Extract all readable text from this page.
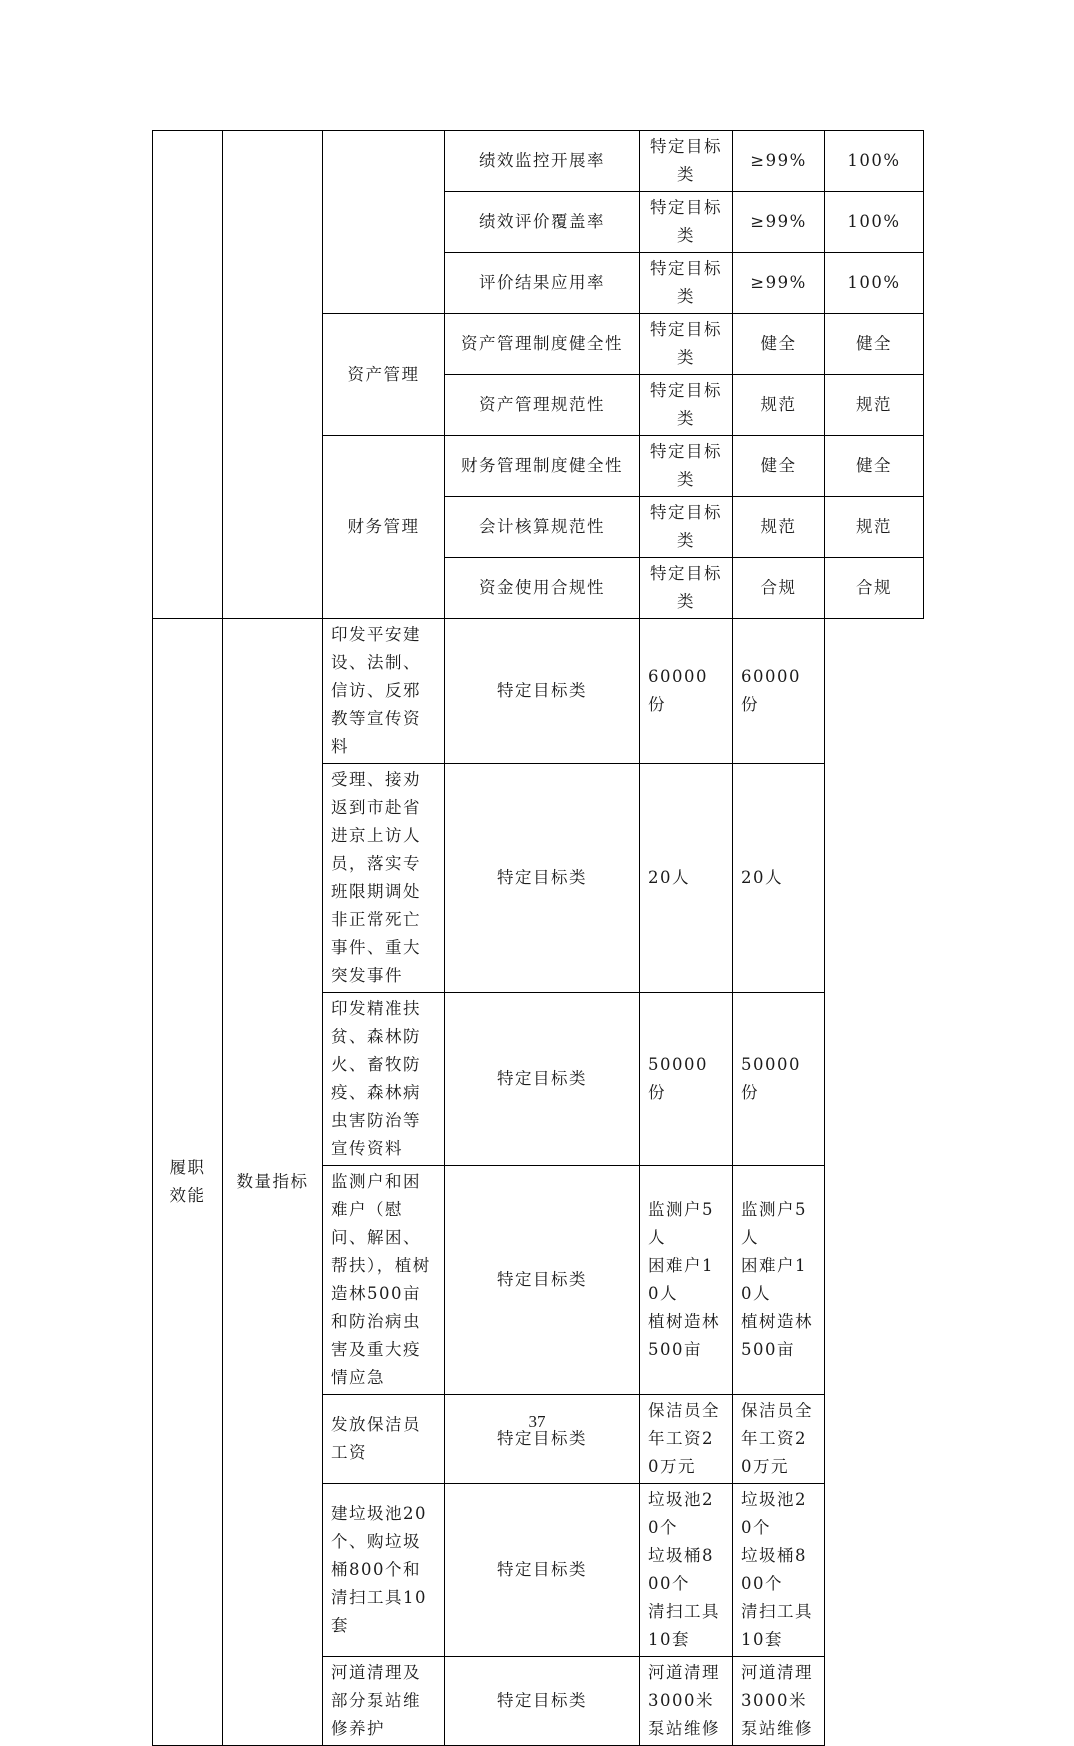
			绩效监控开展率	特定目标类	≥99%	100%
			绩效评价覆盖率	特定目标类	≥99%	100%
			评价结果应用率	特定目标类	≥99%	100%
		资产管理	资产管理制度健全性	特定目标类	健全	健全
			资产管理规范性	特定目标类	规范	规范
		财务管理	财务管理制度健全性	特定目标类	健全	健全
			会计核算规范性	特定目标类	规范	规范
			资金使用合规性	特定目标类	合规	合规
履职效能	数量指标	印发平安建设、法制、信访、反邪教等宣传资料	特定目标类	60000份	60000份	
		受理、接劝返到市赴省进京上访人员，落实专班限期调处非正常死亡事件、重大突发事件	特定目标类	20人	20人	
		印发精准扶贫、森林防火、畜牧防疫、森林病虫害防治等宣传资料	特定目标类	50000份	50000份	
		监测户和困难户（慰问、解困、帮扶），植树造林500亩和防治病虫害及重大疫情应急	特定目标类	监测户5人
困难户10人
植树造林500亩	监测户5人
困难户10人
植树造林500亩	
		发放保洁员工资	特定目标类	保洁员全年工资20万元	保洁员全年工资20万元	
		建垃圾池20个、购垃圾桶800个和清扫工具10套	特定目标类	垃圾池20个
垃圾桶800个
清扫工具10套	垃圾池20个
垃圾桶800个
清扫工具10套	
		河道清理及部分泵站维修养护	特定目标类	河道清理3000米泵站维修	河道清理3000米泵站维修	
37
